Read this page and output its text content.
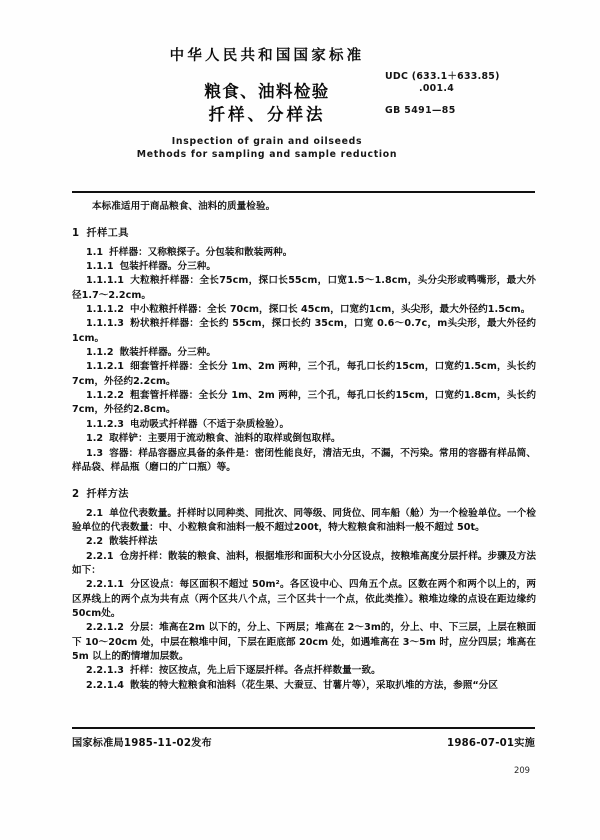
中华人民共和国国家标准
粮食、油料检验
扦样、分样法
Inspection of grain and oilseeds
Methods for sampling and sample reduction
UDC (633.1＋633.85)
.001.4
GB 5491—85

本标准适用于商品粮食、油料的质量检验。

1 扦样工具

1.1 扦样器：又称粮探子。分包装和散装两种。

1.1.1 包装扦样器。分三种。

1.1.1.1 大粒粮扦样器：全长75cm，探口长55cm，口宽1.5～1.8cm，头分尖形或鸭嘴形，最大外径1.7～2.2cm。

1.1.1.2 中小粒粮扦样器：全长 70cm，探口长 45cm，口宽约1cm，头尖形，最大外径约1.5cm。

1.1.1.3 粉状粮扦样器：全长约 55cm，探口长约 35cm，口宽 0.6～0.7c，m头尖形，最大外径约1cm。

1.1.2 散装扦样器。分三种。

1.1.2.1 细套管扦样器：全长分 1m、2m 两种，三个孔，每孔口长约15cm，口宽约1.5cm，头长约7cm，外径约2.2cm。

1.1.2.2 粗套管扦样器：全长分 1m、2m 两种，三个孔，每孔口长约15cm，口宽约1.8cm，头长约7cm，外径约2.8cm。

1.1.2.3 电动吸式扦样器（不适于杂质检验）。

1.2 取样铲：主要用于流动粮食、油料的取样或倒包取样。

1.3 容器：样品容器应具备的条件是：密闭性能良好，清洁无虫，不漏，不污染。常用的容器有样品筒、样品袋、样品瓶（磨口的广口瓶）等。

2 扦样方法

2.1 单位代表数量。扦样时以同种类、同批次、同等级、同货位、同车船（舱）为一个检验单位。一个检验单位的代表数量：中、小粒粮食和油料一般不超过200t，特大粒粮食和油料一般不超过 50t。

2.2 散装扦样法

2.2.1 仓房扦样：散装的粮食、油料，根据堆形和面积大小分区设点，按粮堆高度分层扦样。步骤及方法如下：

2.2.1.1 分区设点：每区面积不超过 50m²。各区设中心、四角五个点。区数在两个和两个以上的，两区界线上的两个点为共有点（两个区共八个点，三个区共十一个点，依此类推）。粮堆边缘的点设在距边缘约50cm处。

2.2.1.2 分层：堆高在2m 以下的，分上、下两层；堆高在 2～3m的，分上、中、下三层，上层在粮面下 10～20cm 处，中层在粮堆中间，下层在距底部 20cm 处，如遇堆高在 3～5m 时，应分四层；堆高在 5m 以上的酌情增加层数。

2.2.1.3 扦样：按区按点，先上后下逐层扦样。各点扦样数量一致。

2.2.1.4 散装的特大粒粮食和油料（花生果、大蚕豆、甘薯片等），采取扒堆的方法，参照“分区

国家标准局1985-11-02发布	1986-07-01实施
209
